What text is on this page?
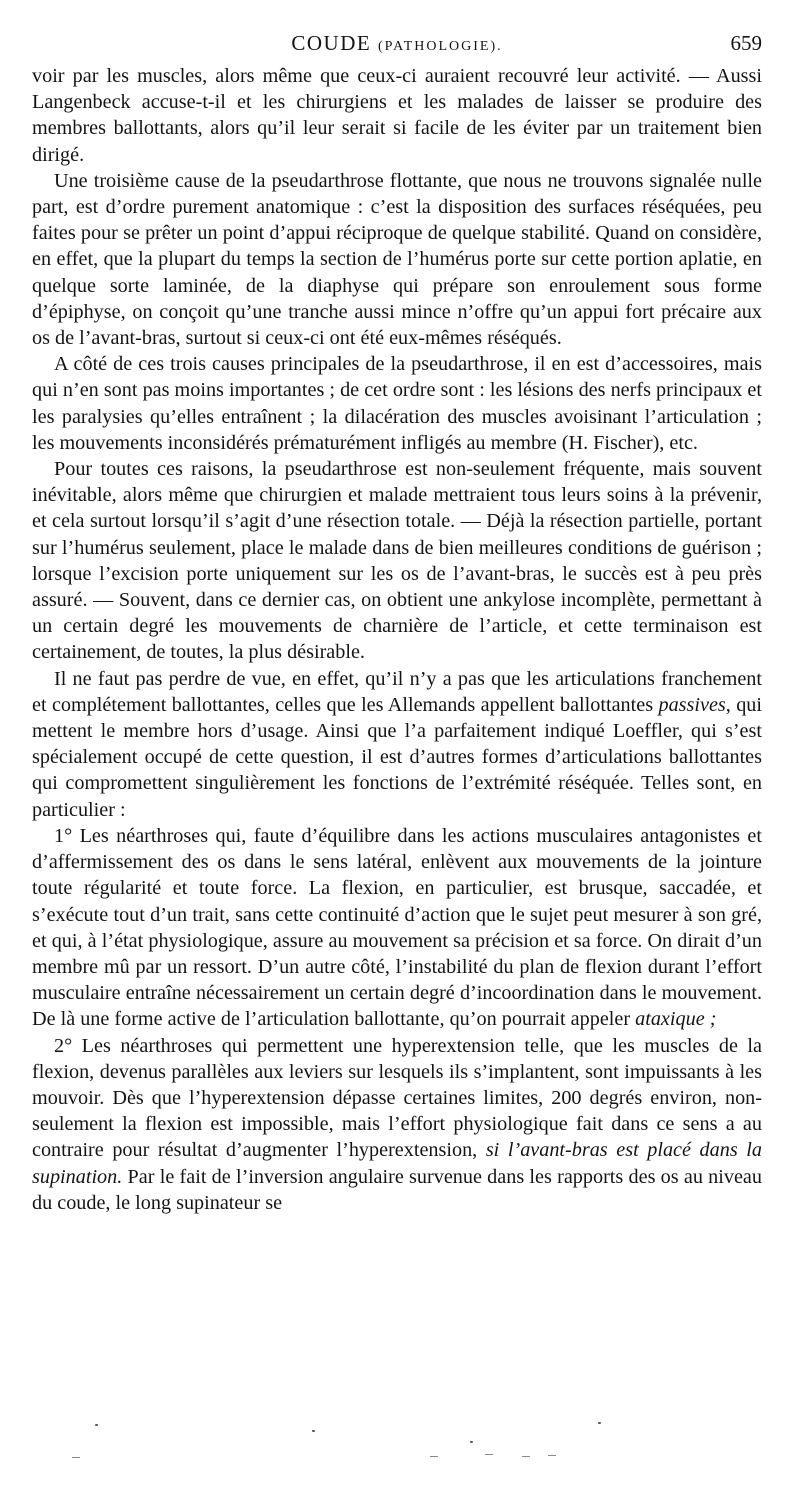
COUDE (PATHOLOGIE).	659

voir par les muscles, alors même que ceux-ci auraient recouvré leur activité. — Aussi Langenbeck accuse-t-il et les chirurgiens et les malades de laisser se produire des membres ballottants, alors qu’il leur serait si facile de les éviter par un traitement bien dirigé.

Une troisième cause de la pseudarthrose flottante, que nous ne trouvons signalée nulle part, est d’ordre purement anatomique : c’est la disposition des surfaces réséquées, peu faites pour se prêter un point d’appui réciproque de quelque stabilité. Quand on considère, en effet, que la plupart du temps la section de l’humérus porte sur cette portion aplatie, en quelque sorte laminée, de la diaphyse qui prépare son enroulement sous forme d’épiphyse, on conçoit qu’une tranche aussi mince n’offre qu’un appui fort précaire aux os de l’avant-bras, surtout si ceux-ci ont été eux-mêmes réséqués.

A côté de ces trois causes principales de la pseudarthrose, il en est d’accessoires, mais qui n’en sont pas moins importantes ; de cet ordre sont : les lésions des nerfs principaux et les paralysies qu’elles entraînent ; la dilacération des muscles avoisinant l’articulation ; les mouvements inconsidérés prématurément infligés au membre (H. Fischer), etc.

Pour toutes ces raisons, la pseudarthrose est non-seulement fréquente, mais souvent inévitable, alors même que chirurgien et malade mettraient tous leurs soins à la prévenir, et cela surtout lorsqu’il s’agit d’une résection totale. — Déjà la résection partielle, portant sur l’humérus seulement, place le malade dans de bien meilleures conditions de guérison ; lorsque l’excision porte uniquement sur les os de l’avant-bras, le succès est à peu près assuré. — Souvent, dans ce dernier cas, on obtient une ankylose incomplète, permettant à un certain degré les mouvements de charnière de l’article, et cette terminaison est certainement, de toutes, la plus désirable.

Il ne faut pas perdre de vue, en effet, qu’il n’y a pas que les articulations franchement et complétement ballottantes, celles que les Allemands appellent ballottantes passives, qui mettent le membre hors d’usage. Ainsi que l’a parfaitement indiqué Loeffler, qui s’est spécialement occupé de cette question, il est d’autres formes d’articulations ballottantes qui compromettent singulièrement les fonctions de l’extrémité réséquée. Telles sont, en particulier :

1° Les néarthroses qui, faute d’équilibre dans les actions musculaires antagonistes et d’affermissement des os dans le sens latéral, enlèvent aux mouvements de la jointure toute régularité et toute force. La flexion, en particulier, est brusque, saccadée, et s’exécute tout d’un trait, sans cette continuité d’action que le sujet peut mesurer à son gré, et qui, à l’état physiologique, assure au mouvement sa précision et sa force. On dirait d’un membre mû par un ressort. D’un autre côté, l’instabilité du plan de flexion durant l’effort musculaire entraîne nécessairement un certain degré d’incoordination dans le mouvement. De là une forme active de l’articulation ballottante, qu’on pourrait appeler ataxique ;

2° Les néarthroses qui permettent une hyperextension telle, que les muscles de la flexion, devenus parallèles aux leviers sur lesquels ils s’implantent, sont impuissants à les mouvoir. Dès que l’hyperextension dépasse certaines limites, 200 degrés environ, non-seulement la flexion est impossible, mais l’effort physiologique fait dans ce sens a au contraire pour résultat d’augmenter l’hyperextension, si l’avant-bras est placé dans la supination. Par le fait de l’inversion angulaire survenue dans les rapports des os au niveau du coude, le long supinateur se
